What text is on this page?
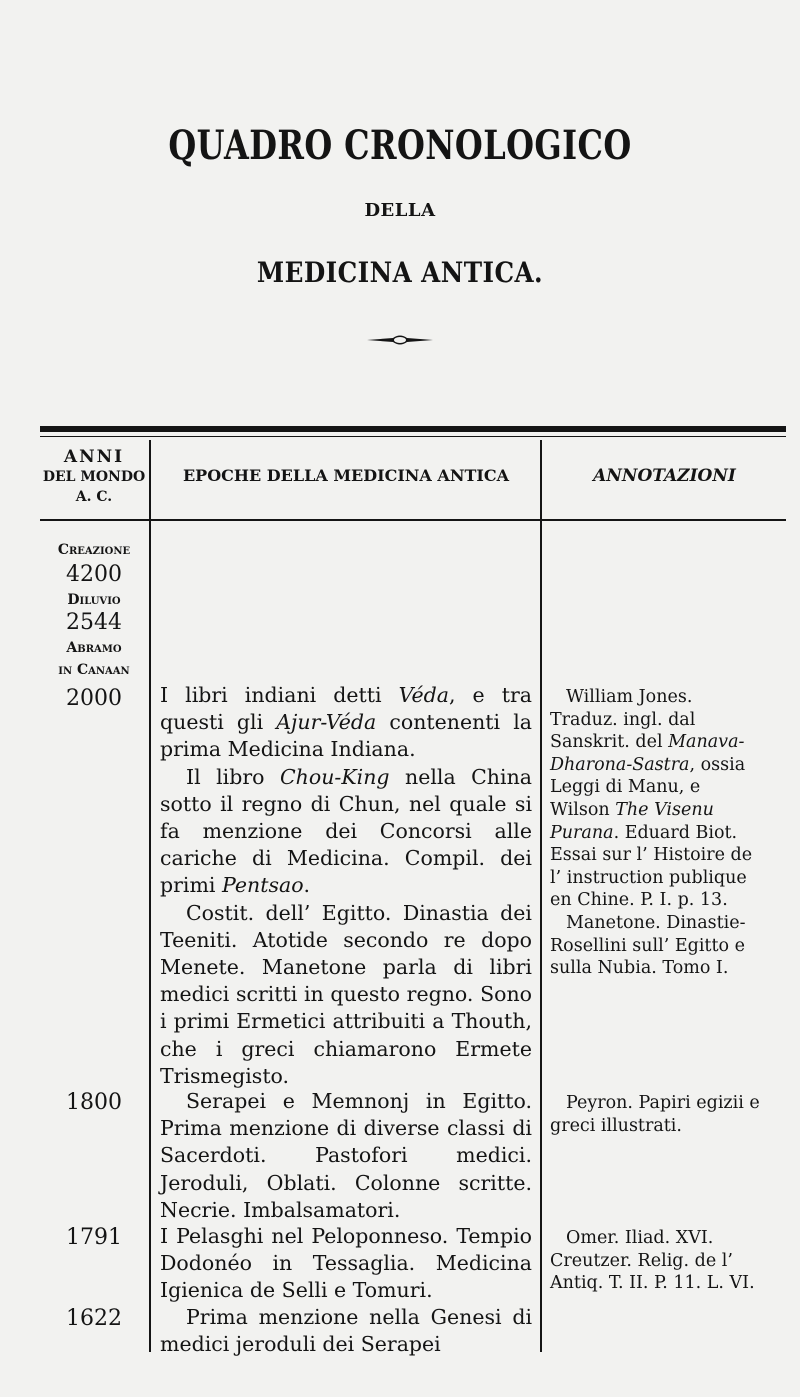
QUADRO CRONOLOGICO
DELLA
MEDICINA ANTICA.
ANNI
DEL MONDO
A. C.
EPOCHE DELLA MEDICINA ANTICA	ANNOTAZIONI
Creazione
4200
Diluvio
2544
Abramo
in Canaan
2000
1800
1791
1622

I libri indiani detti Véda, e tra questi gli Ajur-Véda contenenti la prima Medicina Indiana.

Il libro Chou-King nella China sotto il regno di Chun, nel quale si fa menzione dei Concorsi alle cariche di Medicina. Compil. dei primi Pentsao.

Costit. dell’ Egitto. Dinastia dei Teeniti. Atotide secondo re dopo Menete. Manetone parla di libri medici scritti in questo regno. Sono i primi Ermetici attribuiti a Thouth, che i greci chiamarono Ermete Trismegisto.

Serapei e Memnonj in Egitto. Prima menzione di diverse classi di Sacerdoti. Pastofori medici. Jeroduli, Oblati. Colonne scritte. Necrie. Imbalsamatori.

I Pelasghi nel Peloponneso. Tempio Dodonéo in Tessaglia. Medicina Igienica de Selli e Tomuri.

Prima menzione nella Genesi di medici jeroduli dei Serapei

William Jones. Traduz. ingl. dal Sanskrit. del Manava-Dharona-Sastra, ossia Leggi di Manu, e Wilson The Visenu Purana. Eduard Biot. Essai sur l’ Histoire de l’ instruction publique en Chine. P. I. p. 13.

Manetone. Dinastie- Rosellini sull’ Egitto e sulla Nubia. Tomo I.

Peyron. Papiri egizii e greci illustrati.

Omer. Iliad. XVI. Creutzer. Relig. de l’ Antiq. T. II. P. 11. L. VI.
